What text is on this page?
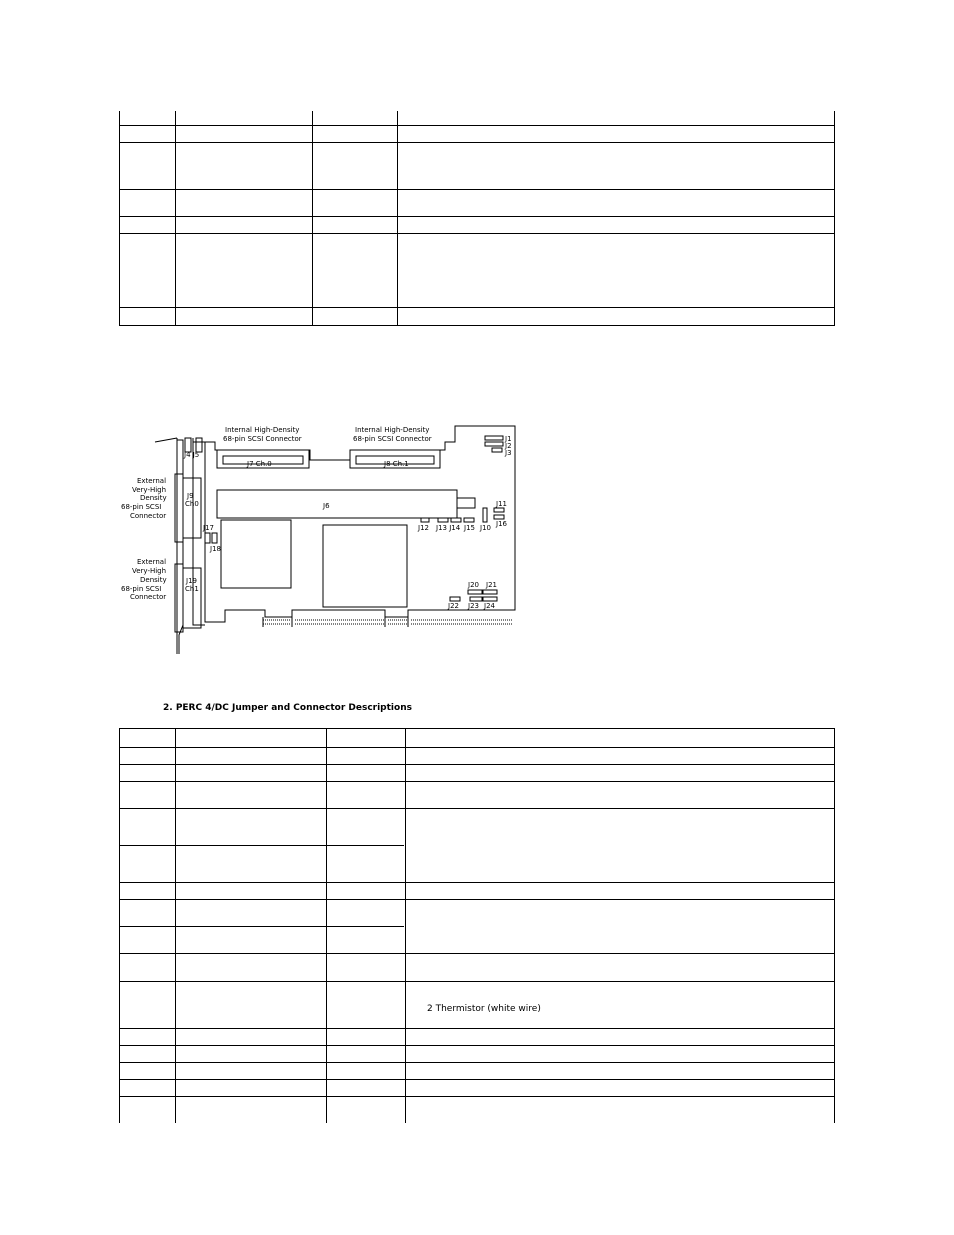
Internal High-Density
68-pin SCSI Connector
Internal High-Density
68-pin SCSI Connector
J7 Ch.0	J8 Ch.1
J6
J9
Ch0
J19
Ch1
External
Very-High
Density
68-pin SCSI
Connector
External
Very-High
Density
68-pin SCSI
Connector
J1
J2
J3
J4 J5
J11
J16
J12 J13 J14 J15 J10
J17
J18
J20 J21
J22 J23 J24
2. PERC 4/DC Jumper and Connector Descriptions
2 Thermistor (white wire)
